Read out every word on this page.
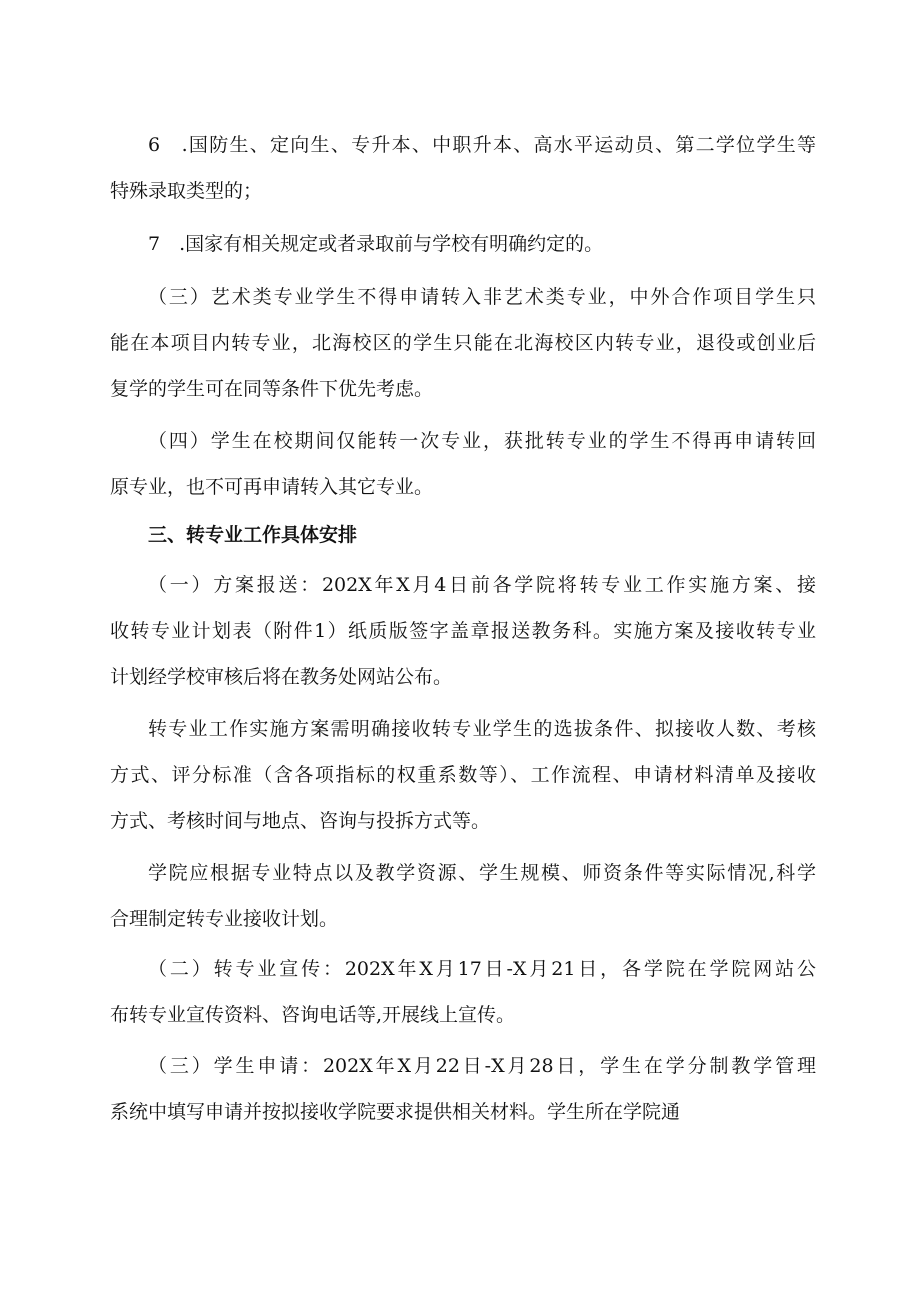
6　.国防生、定向生、专升本、中职升本、高水平运动员、第二学位学生等
特殊录取类型的；
7　.国家有相关规定或者录取前与学校有明确约定的。
（三）艺术类专业学生不得申请转入非艺术类专业，中外合作项目学生只
能在本项目内转专业，北海校区的学生只能在北海校区内转专业，退役或创业后
复学的学生可在同等条件下优先考虑。
（四）学生在校期间仅能转一次专业，获批转专业的学生不得再申请转回
原专业，也不可再申请转入其它专业。
三、转专业工作具体安排
（一）方案报送：202X年X月4日前各学院将转专业工作实施方案、接
收转专业计划表（附件1）纸质版签字盖章报送教务科。实施方案及接收转专业
计划经学校审核后将在教务处网站公布。
转专业工作实施方案需明确接收转专业学生的选拔条件、拟接收人数、考核
方式、评分标准（含各项指标的权重系数等）、工作流程、申请材料清单及接收
方式、考核时间与地点、咨询与投拆方式等。
学院应根据专业特点以及教学资源、学生规模、师资条件等实际情况,科学
合理制定转专业接收计划。
（二）转专业宣传：202X年X月17日-X月21日，各学院在学院网站公
布转专业宣传资料、咨询电话等,开展线上宣传。
（三）学生申请：202X年X月22日-X月28日，学生在学分制教学管理
系统中填写申请并按拟接收学院要求提供相关材料。学生所在学院通
